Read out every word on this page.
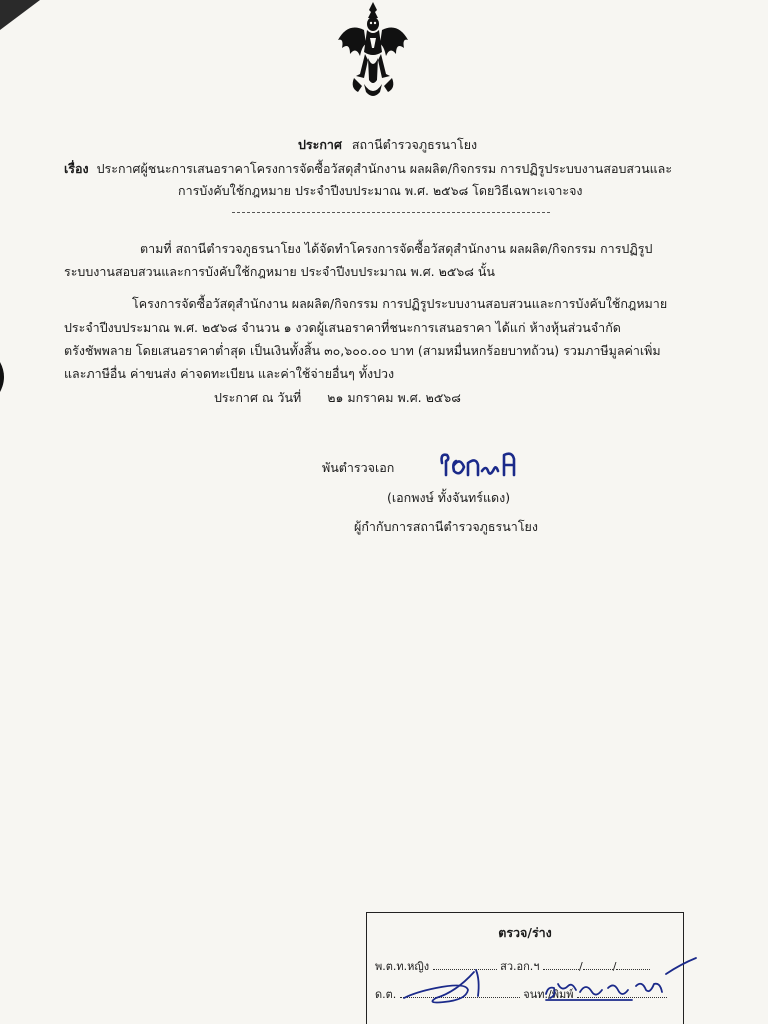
ประกาศ สถานีตำรวจภูธรนาโยง
เรื่อง ประกาศผู้ชนะการเสนอราคาโครงการจัดซื้อวัสดุสำนักงาน ผลผลิต/กิจกรรม การปฏิรูประบบงานสอบสวนและ
การบังคับใช้กฎหมาย ประจำปีงบประมาณ พ.ศ. ๒๕๖๘ โดยวิธีเฉพาะเจาะจง
ตามที่ สถานีตำรวจภูธรนาโยง ได้จัดทำโครงการจัดซื้อวัสดุสำนักงาน ผลผลิต/กิจกรรม การปฏิรูป
ระบบงานสอบสวนและการบังคับใช้กฎหมาย ประจำปีงบประมาณ พ.ศ. ๒๕๖๘ นั้น
โครงการจัดซื้อวัสดุสำนักงาน ผลผลิต/กิจกรรม การปฏิรูประบบงานสอบสวนและการบังคับใช้กฎหมาย
ประจำปีงบประมาณ พ.ศ. ๒๕๖๘ จำนวน ๑ งวดผู้เสนอราคาที่ชนะการเสนอราคา ได้แก่ ห้างหุ้นส่วนจำกัด
ตรังชัพพลาย โดยเสนอราคาต่ำสุด เป็นเงินทั้งสิ้น ๓๐,๖๐๐.๐๐ บาท (สามหมื่นหกร้อยบาทถ้วน) รวมภาษีมูลค่าเพิ่ม
และภาษีอื่น ค่าขนส่ง ค่าจดทะเบียน และค่าใช้จ่ายอื่นๆ ทั้งปวง
ประกาศ ณ วันที่ ๒๑ มกราคม พ.ศ. ๒๕๖๘
พันตำรวจเอก
(เอกพงษ์ ทั้งจันทร์แดง)
ผู้กำกับการสถานีตำรวจภูธรนาโยง
ตรวจ/ร่าง
พ.ต.ท.หญิง	สว.อก.ฯ	/	/
ด.ต.	จนท./พิมพ์
